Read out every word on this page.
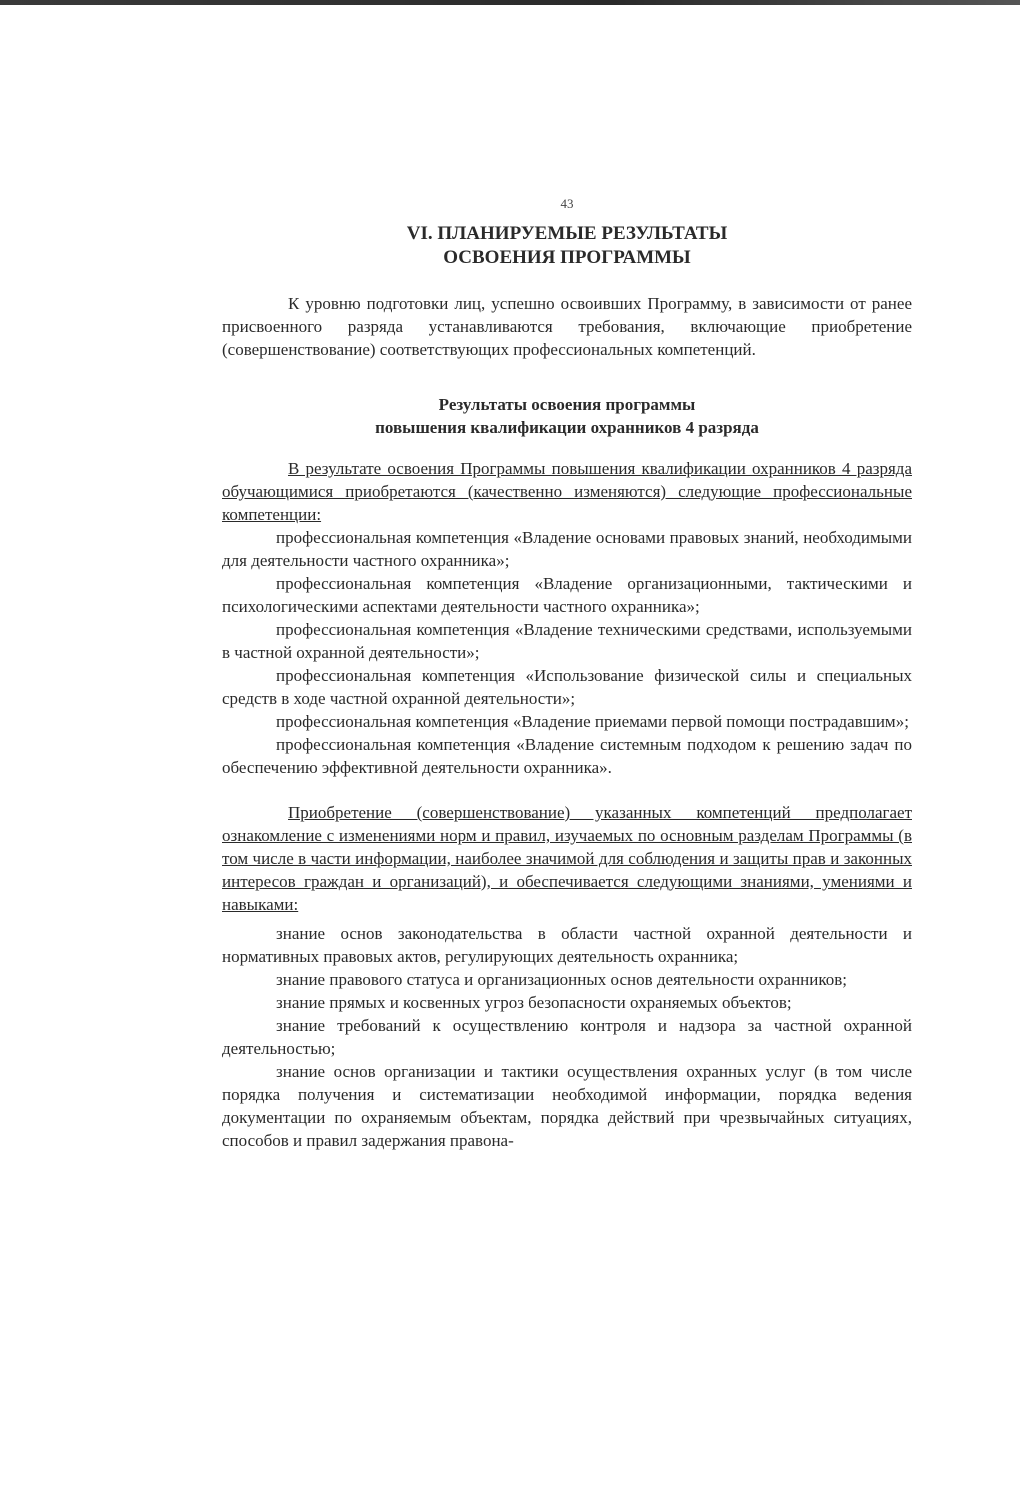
43
VI. ПЛАНИРУЕМЫЕ РЕЗУЛЬТАТЫ
ОСВОЕНИЯ ПРОГРАММЫ

К уровню подготовки лиц, успешно освоивших Программу, в зависимости от ранее присвоенного разряда устанавливаются требования, включающие приобретение (совершенствование) соответствующих профессиональных компетенций.

Результаты освоения программы
повышения квалификации охранников 4 разряда

В результате освоения Программы повышения квалификации охранников 4 разряда обучающимися приобретаются (качественно изменяются) следующие профессиональные компетенции:

профессиональная компетенция «Владение основами правовых знаний, необходимыми для деятельности частного охранника»;

профессиональная компетенция «Владение организационными, тактическими и психологическими аспектами деятельности частного охранника»;

профессиональная компетенция «Владение техническими средствами, используемыми в частной охранной деятельности»;

профессиональная компетенция «Использование физической силы и специальных средств в ходе частной охранной деятельности»;

профессиональная компетенция «Владение приемами первой помощи пострадавшим»;

профессиональная компетенция «Владение системным подходом к решению задач по обеспечению эффективной деятельности охранника».

Приобретение (совершенствование) указанных компетенций предполагает ознакомление с изменениями норм и правил, изучаемых по основным разделам Программы (в том числе в части информации, наиболее значимой для соблюдения и защиты прав и законных интересов граждан и организаций), и обеспечивается следующими знаниями, умениями и навыками:

знание основ законодательства в области частной охранной деятельности и нормативных правовых актов, регулирующих деятельность охранника;

знание правового статуса и организационных основ деятельности охранников;

знание прямых и косвенных угроз безопасности охраняемых объектов;

знание требований к осуществлению контроля и надзора за частной охранной деятельностью;

знание основ организации и тактики осуществления охранных услуг (в том числе порядка получения и систематизации необходимой информации, порядка ведения документации по охраняемым объектам, порядка действий при чрезвычайных ситуациях, способов и правил задержания правона-
